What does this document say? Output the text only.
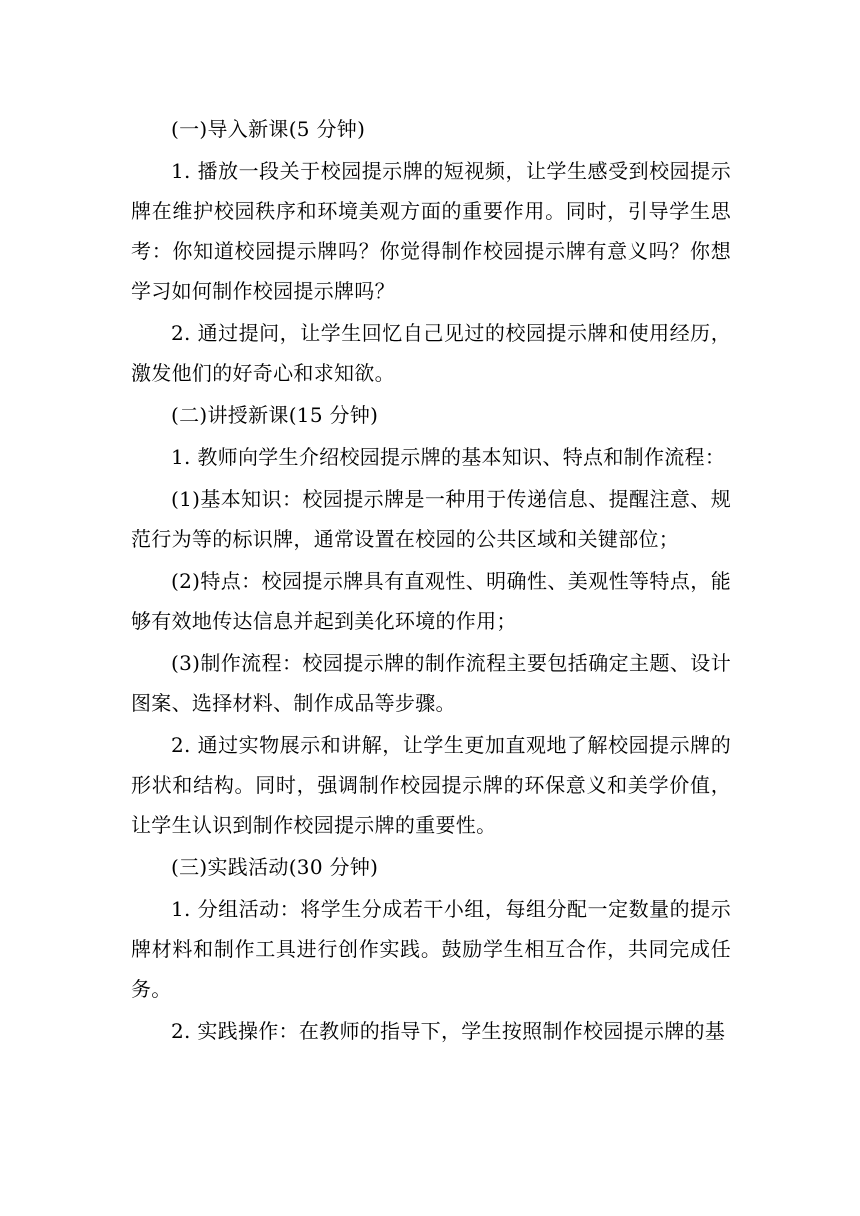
(一)导入新课(5 分钟)

1. 播放一段关于校园提示牌的短视频，让学生感受到校园提示牌在维护校园秩序和环境美观方面的重要作用。同时，引导学生思考：你知道校园提示牌吗？你觉得制作校园提示牌有意义吗？你想学习如何制作校园提示牌吗？

2. 通过提问，让学生回忆自己见过的校园提示牌和使用经历，激发他们的好奇心和求知欲。

(二)讲授新课(15 分钟)

1. 教师向学生介绍校园提示牌的基本知识、特点和制作流程：

(1)基本知识：校园提示牌是一种用于传递信息、提醒注意、规范行为等的标识牌，通常设置在校园的公共区域和关键部位；

(2)特点：校园提示牌具有直观性、明确性、美观性等特点，能够有效地传达信息并起到美化环境的作用；

(3)制作流程：校园提示牌的制作流程主要包括确定主题、设计图案、选择材料、制作成品等步骤。

2. 通过实物展示和讲解，让学生更加直观地了解校园提示牌的形状和结构。同时，强调制作校园提示牌的环保意义和美学价值，让学生认识到制作校园提示牌的重要性。

(三)实践活动(30 分钟)

1. 分组活动：将学生分成若干小组，每组分配一定数量的提示牌材料和制作工具进行创作实践。鼓励学生相互合作，共同完成任务。

2. 实践操作：在教师的指导下，学生按照制作校园提示牌的基
